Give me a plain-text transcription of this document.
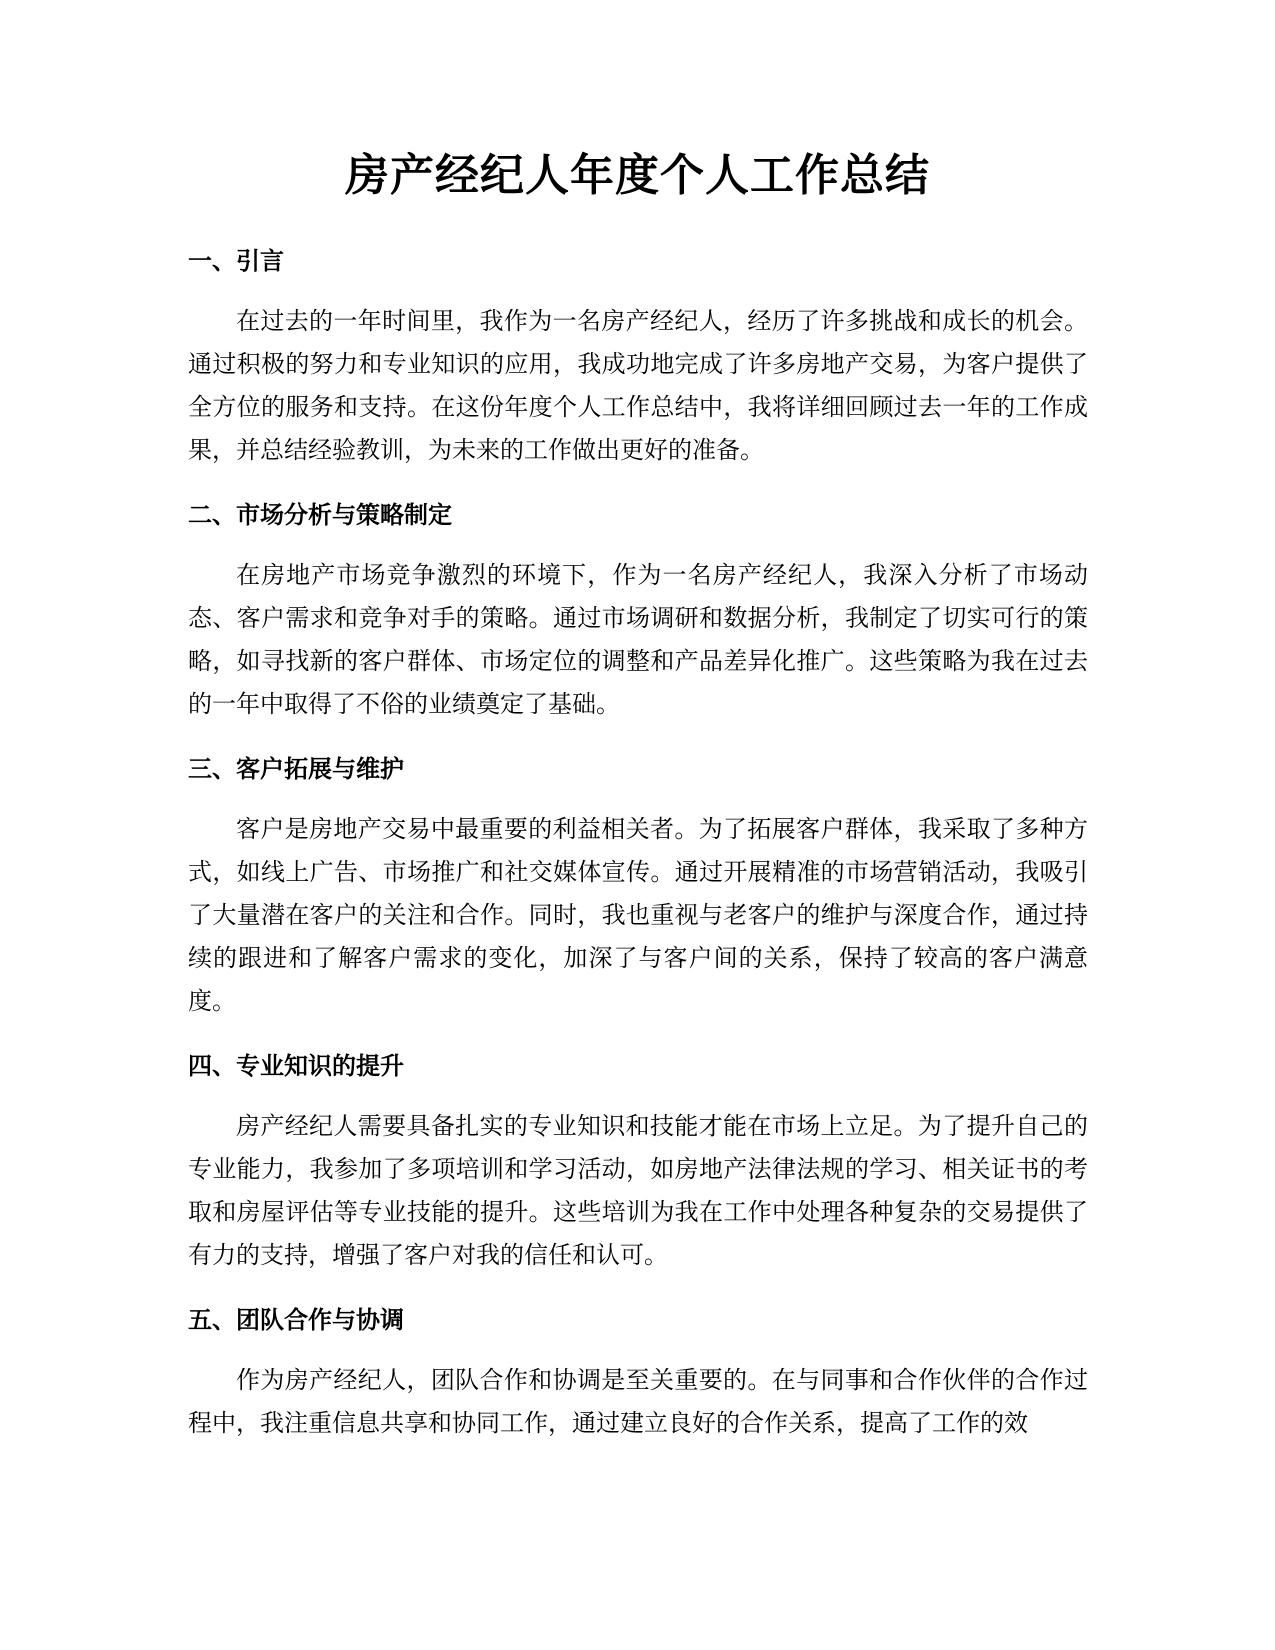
房产经纪人年度个人工作总结
一、引言

在过去的一年时间里，我作为一名房产经纪人，经历了许多挑战和成长的机会。通过积极的努力和专业知识的应用，我成功地完成了许多房地产交易，为客户提供了全方位的服务和支持。在这份年度个人工作总结中，我将详细回顾过去一年的工作成果，并总结经验教训，为未来的工作做出更好的准备。

二、市场分析与策略制定

在房地产市场竞争激烈的环境下，作为一名房产经纪人，我深入分析了市场动态、客户需求和竞争对手的策略。通过市场调研和数据分析，我制定了切实可行的策略，如寻找新的客户群体、市场定位的调整和产品差异化推广。这些策略为我在过去的一年中取得了不俗的业绩奠定了基础。

三、客户拓展与维护

客户是房地产交易中最重要的利益相关者。为了拓展客户群体，我采取了多种方式，如线上广告、市场推广和社交媒体宣传。通过开展精准的市场营销活动，我吸引了大量潜在客户的关注和合作。同时，我也重视与老客户的维护与深度合作，通过持续的跟进和了解客户需求的变化，加深了与客户间的关系，保持了较高的客户满意度。

四、专业知识的提升

房产经纪人需要具备扎实的专业知识和技能才能在市场上立足。为了提升自己的专业能力，我参加了多项培训和学习活动，如房地产法律法规的学习、相关证书的考取和房屋评估等专业技能的提升。这些培训为我在工作中处理各种复杂的交易提供了有力的支持，增强了客户对我的信任和认可。

五、团队合作与协调

作为房产经纪人，团队合作和协调是至关重要的。在与同事和合作伙伴的合作过程中，我注重信息共享和协同工作，通过建立良好的合作关系，提高了工作的效
